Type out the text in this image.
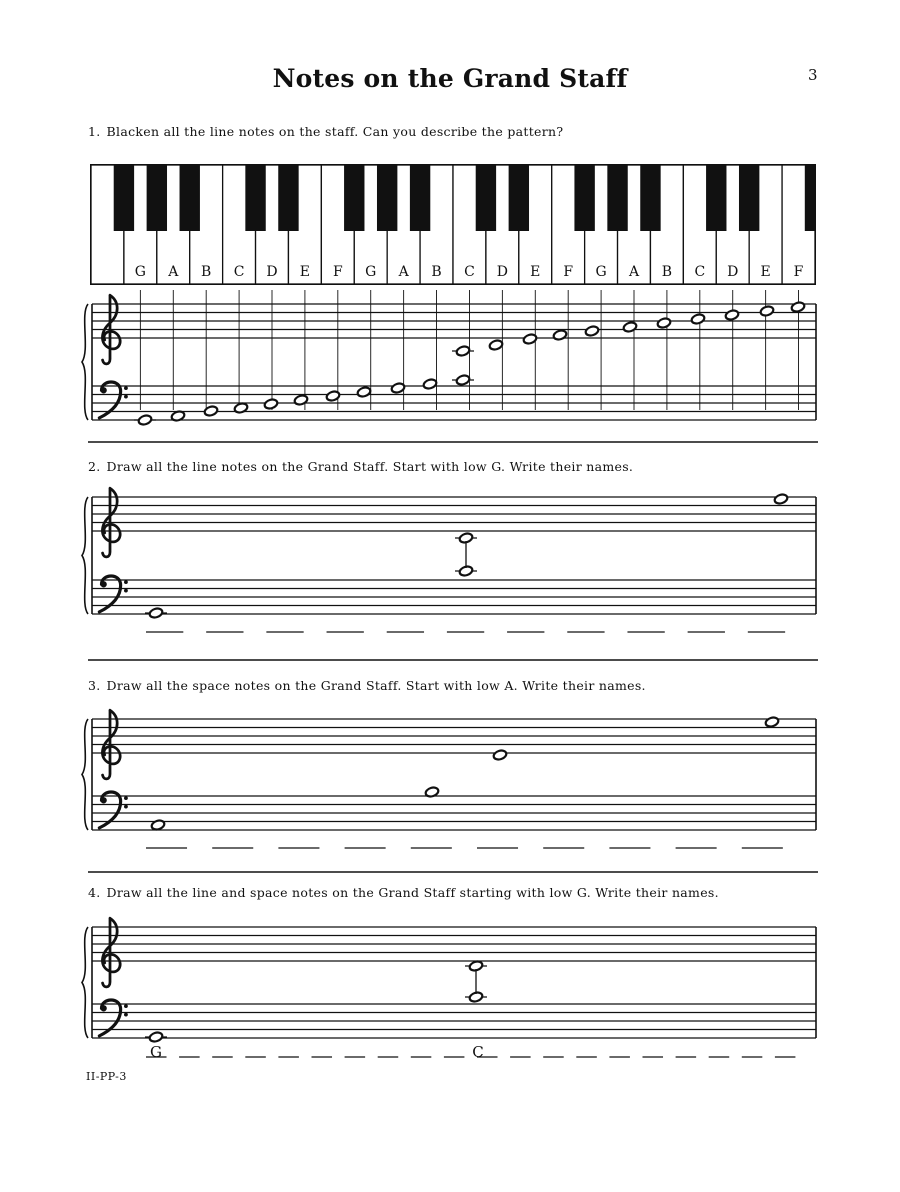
Notes on the Grand Staff	3
1. Blacken all the line notes on the staff. Can you describe the pattern?
2. Draw all the line notes on the Grand Staff. Start with low G. Write their names.
3. Draw all the space notes on the Grand Staff. Start with low A. Write their names.
4. Draw all the line and space notes on the Grand Staff starting with low G. Write their names.
II-PP-3
G A B C D E F G A B C D E F G A B C D E F
G	C
